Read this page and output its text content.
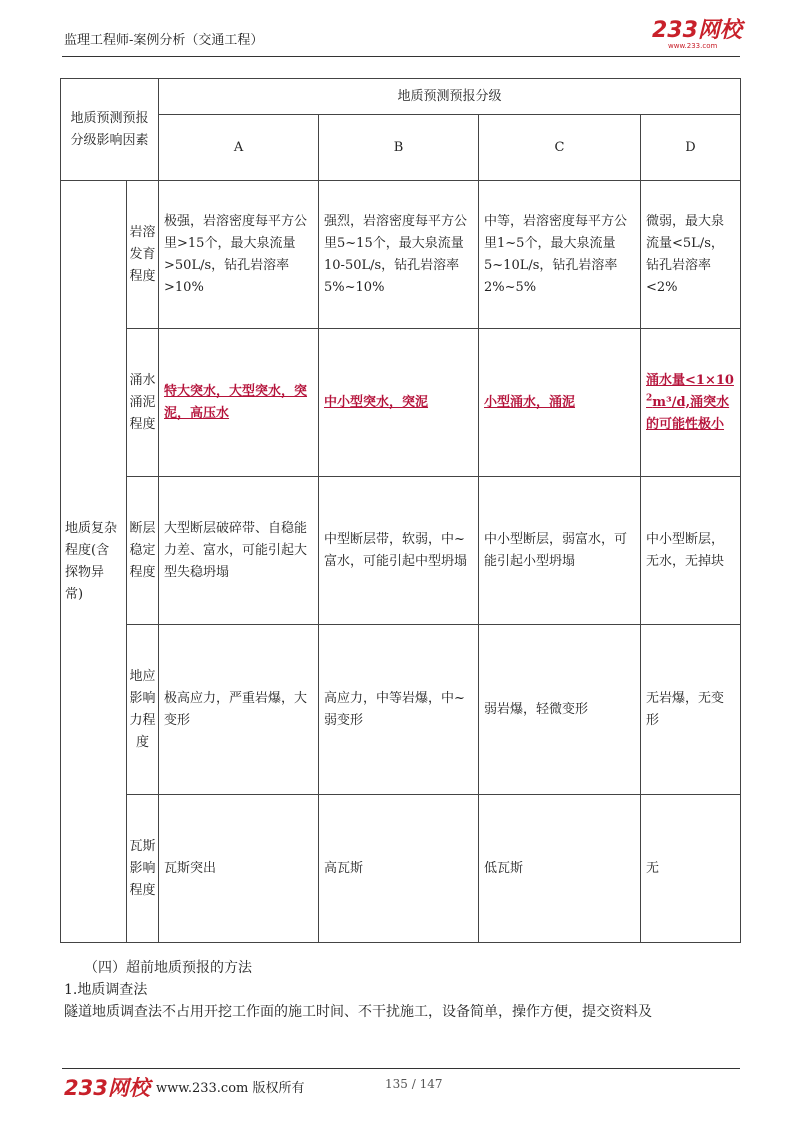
监理工程师-案例分析（交通工程）	233网校
www.233.com
地质预测预报分级影响因素		地质预测预报分级			
		A	B	C	D

地质复杂程度(含探物异常)	岩溶发育程度	极强，岩溶密度每平方公里>15个，最大泉流量>50L/s，钻孔岩溶率>10%	强烈，岩溶密度每平方公里5~15个，最大泉流量10-50L/s，钻孔岩溶率5%~10%	中等，岩溶密度每平方公里1~5个，最大泉流量5~10L/s，钻孔岩溶率2%~5%	微弱，最大泉流量<5L/s，钻孔岩溶率<2%

	涌水涌泥程度	特大突水，大型突水，突泥，高压水	中小型突水，突泥	小型涌水，涌泥	涌水量<1×10
$^2$m³/d,涌突水的可能性极小

	断层稳定程度	大型断层破碎带、自稳能力差、富水，可能引起大型失稳坍塌	中型断层带，软弱，中~富水，可能引起中型坍塌	中小型断层，弱富水，可能引起小型坍塌	中小型断层，无水，无掉块

	地应影响力程度	极高应力，严重岩爆，大变形	高应力，中等岩爆，中~弱变形	弱岩爆，轻微变形	无岩爆，无变形

	瓦斯影响程度	瓦斯突出	高瓦斯	低瓦斯	无
（四）超前地质预报的方法
1.地质调查法
隧道地质调查法不占用开挖工作面的施工时间、不干扰施工，设备简单，操作方便，提交资料及
233网校 www.233.com 版权所有	135 / 147
